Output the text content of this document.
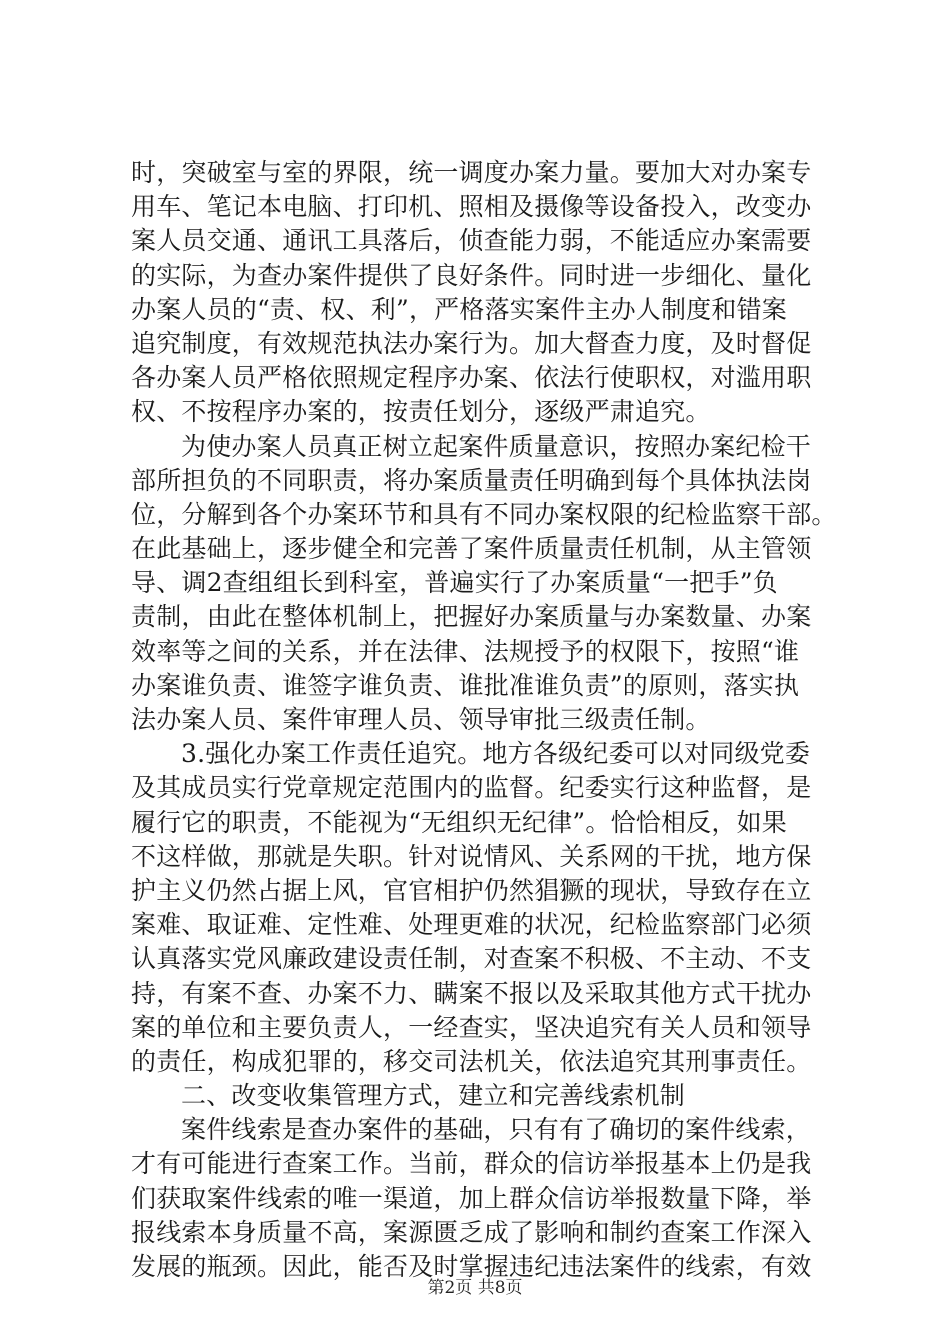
时，突破室与室的界限，统一调度办案力量。要加大对办案专
用车、笔记本电脑、打印机、照相及摄像等设备投入，改变办
案人员交通、通讯工具落后，侦查能力弱，不能适应办案需要
的实际，为查办案件提供了良好条件。同时进一步细化、量化
办案人员的“责、权、利”，严格落实案件主办人制度和错案
追究制度，有效规范执法办案行为。加大督查力度，及时督促
各办案人员严格依照规定程序办案、依法行使职权，对滥用职
权、不按程序办案的，按责任划分，逐级严肃追究。
为使办案人员真正树立起案件质量意识，按照办案纪检干
部所担负的不同职责，将办案质量责任明确到每个具体执法岗
位，分解到各个办案环节和具有不同办案权限的纪检监察干部。
在此基础上，逐步健全和完善了案件质量责任机制，从主管领
导、调2查组组长到科室，普遍实行了办案质量“一把手”负
责制，由此在整体机制上，把握好办案质量与办案数量、办案
效率等之间的关系，并在法律、法规授予的权限下，按照“谁
办案谁负责、谁签字谁负责、谁批准谁负责”的原则，落实执
法办案人员、案件审理人员、领导审批三级责任制。
3.强化办案工作责任追究。地方各级纪委可以对同级党委
及其成员实行党章规定范围内的监督。纪委实行这种监督，是
履行它的职责，不能视为“无组织无纪律”。恰恰相反，如果
不这样做，那就是失职。针对说情风、关系网的干扰，地方保
护主义仍然占据上风，官官相护仍然猖獗的现状，导致存在立
案难、取证难、定性难、处理更难的状况，纪检监察部门必须
认真落实党风廉政建设责任制，对查案不积极、不主动、不支
持，有案不查、办案不力、瞒案不报以及采取其他方式干扰办
案的单位和主要负责人，一经查实，坚决追究有关人员和领导
的责任，构成犯罪的，移交司法机关，依法追究其刑事责任。
二、改变收集管理方式，建立和完善线索机制
案件线索是查办案件的基础，只有有了确切的案件线索，
才有可能进行查案工作。当前，群众的信访举报基本上仍是我
们获取案件线索的唯一渠道，加上群众信访举报数量下降，举
报线索本身质量不高，案源匮乏成了影响和制约查案工作深入
发展的瓶颈。因此，能否及时掌握违纪违法案件的线索，有效
第2页 共8页
